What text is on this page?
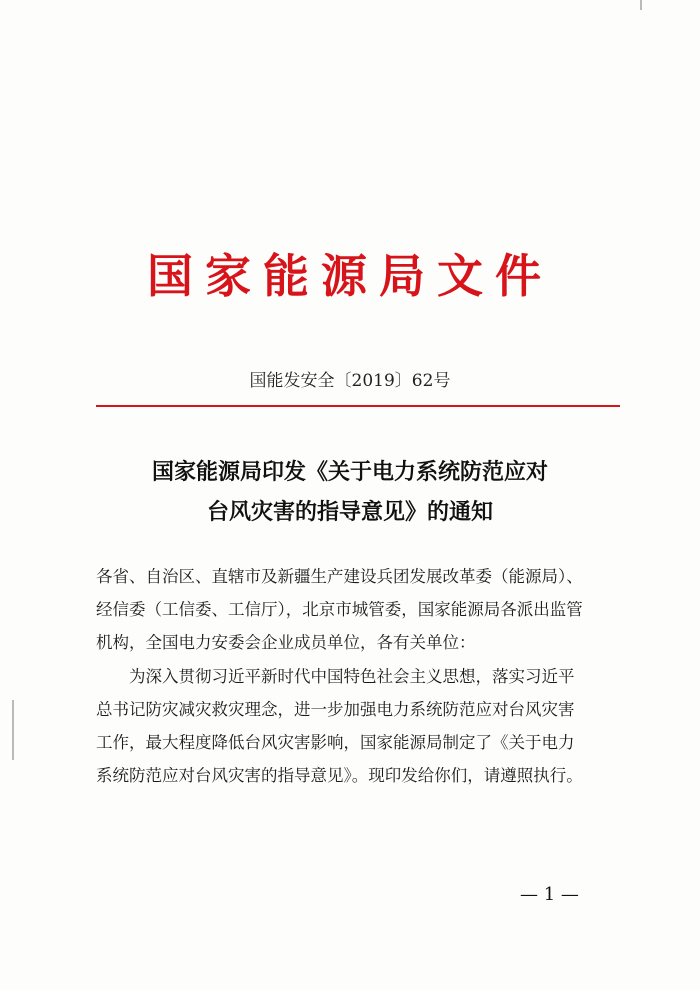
国家能源局文件
国能发安全〔2019〕62号
国家能源局印发《关于电力系统防范应对
台风灾害的指导意见》的通知
各省、自治区、直辖市及新疆生产建设兵团发展改革委（能源局）、
经信委（工信委、工信厅），北京市城管委，国家能源局各派出监管
机构，全国电力安委会企业成员单位，各有关单位：
为深入贯彻习近平新时代中国特色社会主义思想，落实习近平
总书记防灾减灾救灾理念，进一步加强电力系统防范应对台风灾害
工作，最大程度降低台风灾害影响，国家能源局制定了《关于电力
系统防范应对台风灾害的指导意见》。现印发给你们，请遵照执行。
— 1 —
